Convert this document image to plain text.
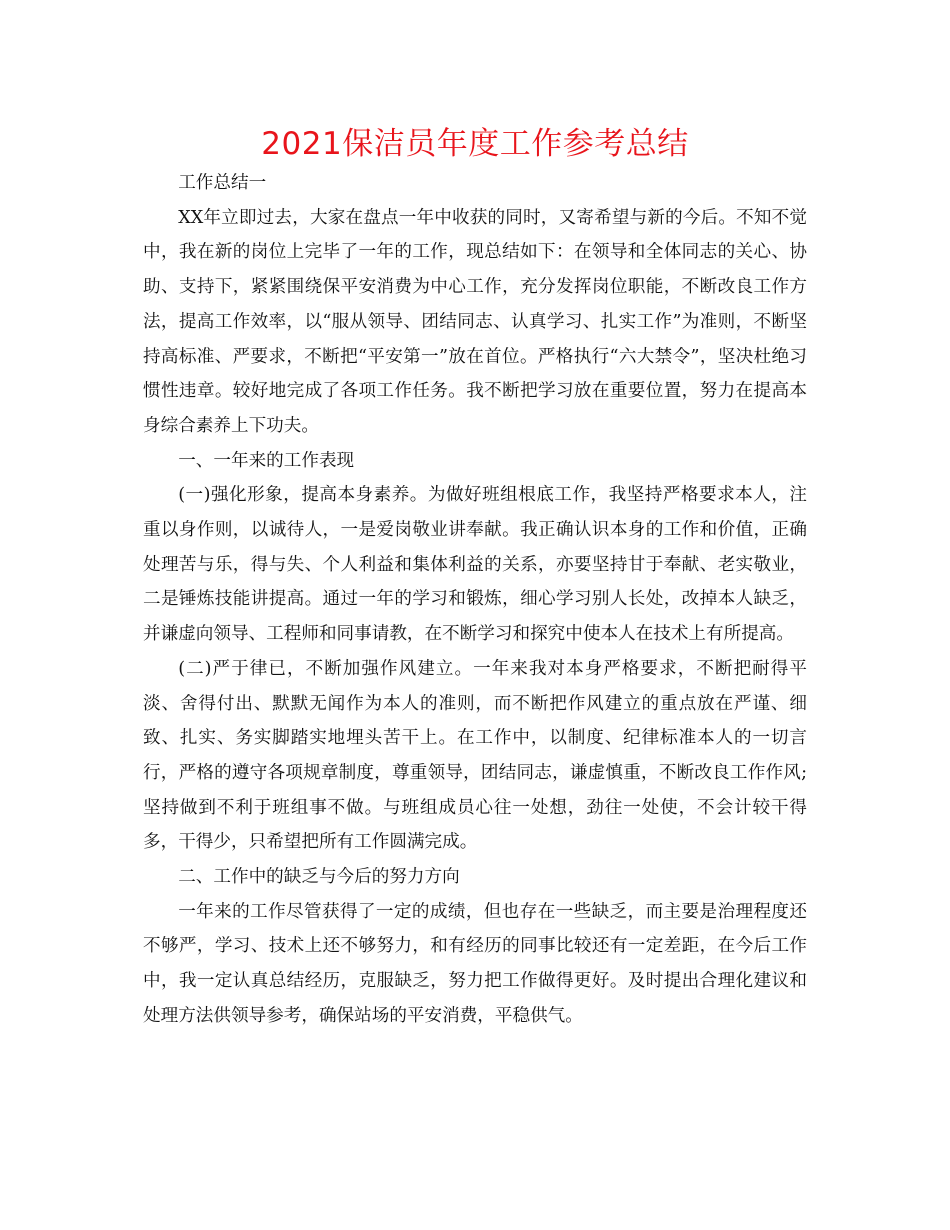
2021保洁员年度工作参考总结

工作总结一

XX年立即过去，大家在盘点一年中收获的同时，又寄希望与新的今后。不知不觉中，我在新的岗位上完毕了一年的工作，现总结如下：在领导和全体同志的关心、协助、支持下，紧紧围绕保平安消费为中心工作，充分发挥岗位职能，不断改良工作方法，提高工作效率，以“服从领导、团结同志、认真学习、扎实工作”为准则，不断坚持高标准、严要求，不断把“平安第一”放在首位。严格执行“六大禁令”，坚决杜绝习惯性违章。较好地完成了各项工作任务。我不断把学习放在重要位置，努力在提高本身综合素养上下功夫。

一、一年来的工作表现

(一)强化形象，提高本身素养。为做好班组根底工作，我坚持严格要求本人，注重以身作则，以诚待人，一是爱岗敬业讲奉献。我正确认识本身的工作和价值，正确处理苦与乐，得与失、个人利益和集体利益的关系，亦要坚持甘于奉献、老实敬业，二是锤炼技能讲提高。通过一年的学习和锻炼，细心学习别人长处，改掉本人缺乏，并谦虚向领导、工程师和同事请教，在不断学习和探究中使本人在技术上有所提高。

(二)严于律已，不断加强作风建立。一年来我对本身严格要求，不断把耐得平淡、舍得付出、默默无闻作为本人的准则，而不断把作风建立的重点放在严谨、细致、扎实、务实脚踏实地埋头苦干上。在工作中，以制度、纪律标准本人的一切言行，严格的遵守各项规章制度，尊重领导，团结同志，谦虚慎重，不断改良工作作风;坚持做到不利于班组事不做。与班组成员心往一处想，劲往一处使，不会计较干得多，干得少，只希望把所有工作圆满完成。

二、工作中的缺乏与今后的努力方向

一年来的工作尽管获得了一定的成绩，但也存在一些缺乏，而主要是治理程度还不够严，学习、技术上还不够努力，和有经历的同事比较还有一定差距，在今后工作中，我一定认真总结经历，克服缺乏，努力把工作做得更好。及时提出合理化建议和处理方法供领导参考，确保站场的平安消费，平稳供气。
